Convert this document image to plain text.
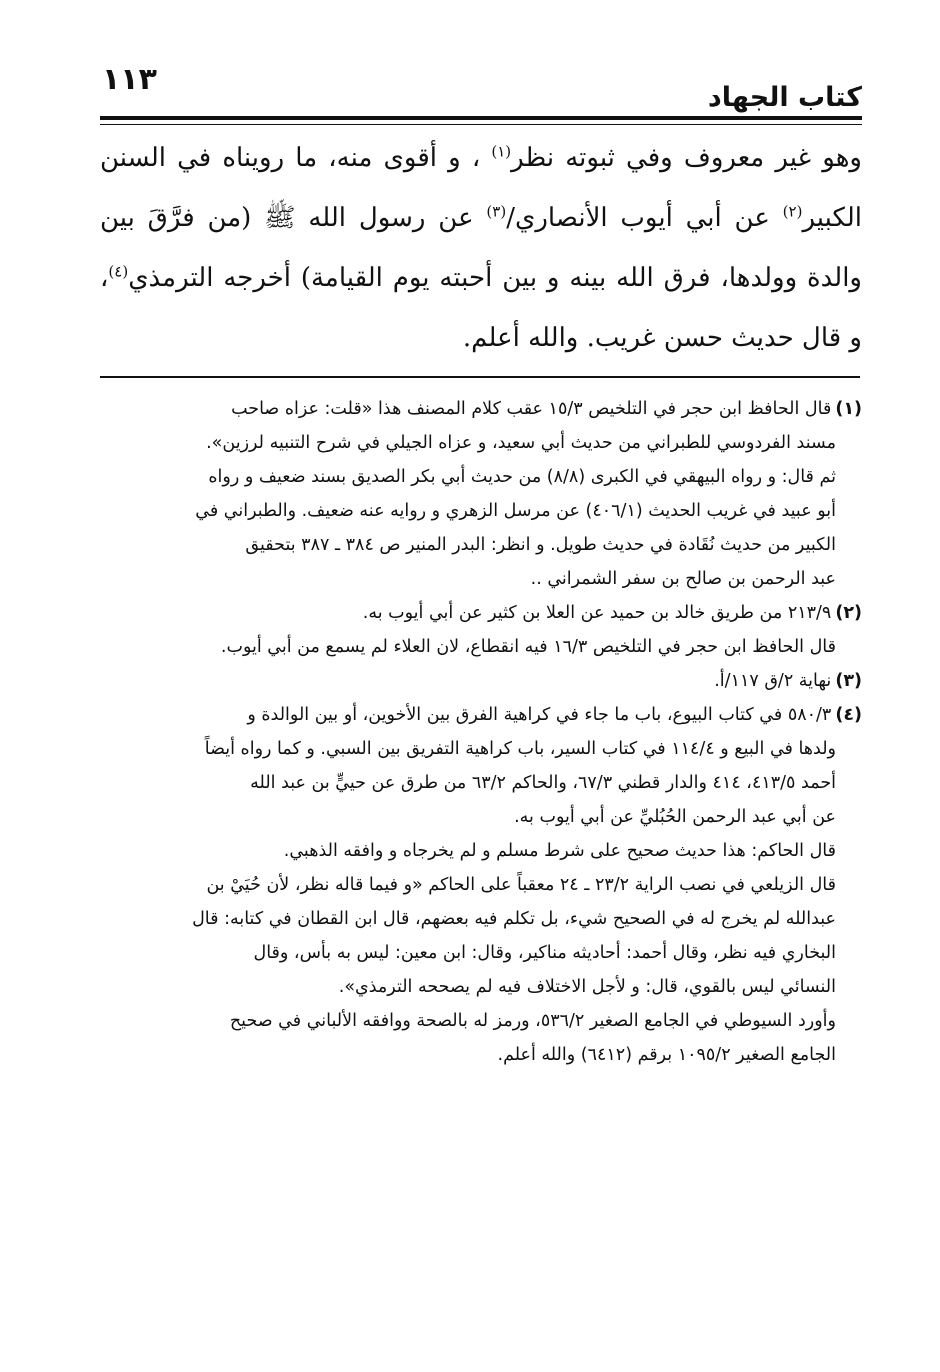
١١٣
كتاب الجهاد

وهو غير معروف وفي ثبوته نظر$^{(١)}$ ، و أقوى منه، ما رويناه في السنن الكبير$^{(٢)}$ عن أبي أيوب الأنصاري/$^{(٣)}$ عن رسول الله ﷺ (من فرَّقَ بين والدة وولدها، فرق الله بينه و بين أحبته يوم القيامة) أخرجه الترمذي$^{(٤)}$، و قال حديث حسن غريب. والله أعلم.

(١)قال الحافظ ابن حجر في التلخيص ١٥/٣ عقب كلام المصنف هذا «قلت: عزاه صاحب

مسند الفردوسي للطبراني من حديث أبي سعيد، و عزاه الجيلي في شرح التنبيه لرزين».

ثم قال: و رواه البيهقي في الكبرى (٨/٨) من حديث أبي بكر الصديق بسند ضعيف و رواه

أبو عبيد في غريب الحديث (٤٠٦/١) عن مرسل الزهري و روايه عنه ضعيف. والطبراني في

الكبير من حديث نُقَادة في حديث طويل. و انظر: البدر المنير ص ٣٨٤ ـ ٣٨٧ بتحقيق

عبد الرحمن بن صالح بن سفر الشمراني ..

(٢)٢١٣/٩ من طريق خالد بن حميد عن العلا بن كثير عن أبي أيوب به.

قال الحافظ ابن حجر في التلخيص ١٦/٣ فيه انقطاع، لان العلاء لم يسمع من أبي أيوب.

(٣)نهاية ٢/ق ١١٧/أ.

(٤)٥٨٠/٣ في كتاب البيوع، باب ما جاء في كراهية الفرق بين الأخوين، أو بين الوالدة و

ولدها في البيع و ١١٤/٤ في كتاب السير، باب كراهية التفريق بين السبي. و كما رواه أيضاً

أحمد ٤١٣/٥، ٤١٤ والدار قطني ٦٧/٣، والحاكم ٦٣/٢ من طرق عن حييٍّ بن عبد الله

عن أبي عبد الرحمن الحُبُليِّ عن أبي أيوب به.

قال الحاكم: هذا حديث صحيح على شرط مسلم و لم يخرجاه و وافقه الذهبي.

قال الزيلعي في نصب الراية ٢٣/٢ ـ ٢٤ معقباً على الحاكم «و فيما قاله نظر، لأن حُيَيْ بن

عبدالله لم يخرج له في الصحيح شيء، بل تكلم فيه بعضهم، قال ابن القطان في كتابه: قال

البخاري فيه نظر، وقال أحمد: أحاديثه مناكير، وقال: ابن معين: ليس به بأس، وقال

النسائي ليس بالقوي، قال: و لأجل الاختلاف فيه لم يصححه الترمذي».

وأورد السيوطي في الجامع الصغير ٥٣٦/٢، ورمز له بالصحة ووافقه الألباني في صحيح

الجامع الصغير ١٠٩٥/٢ برقم (٦٤١٢) والله أعلم.
